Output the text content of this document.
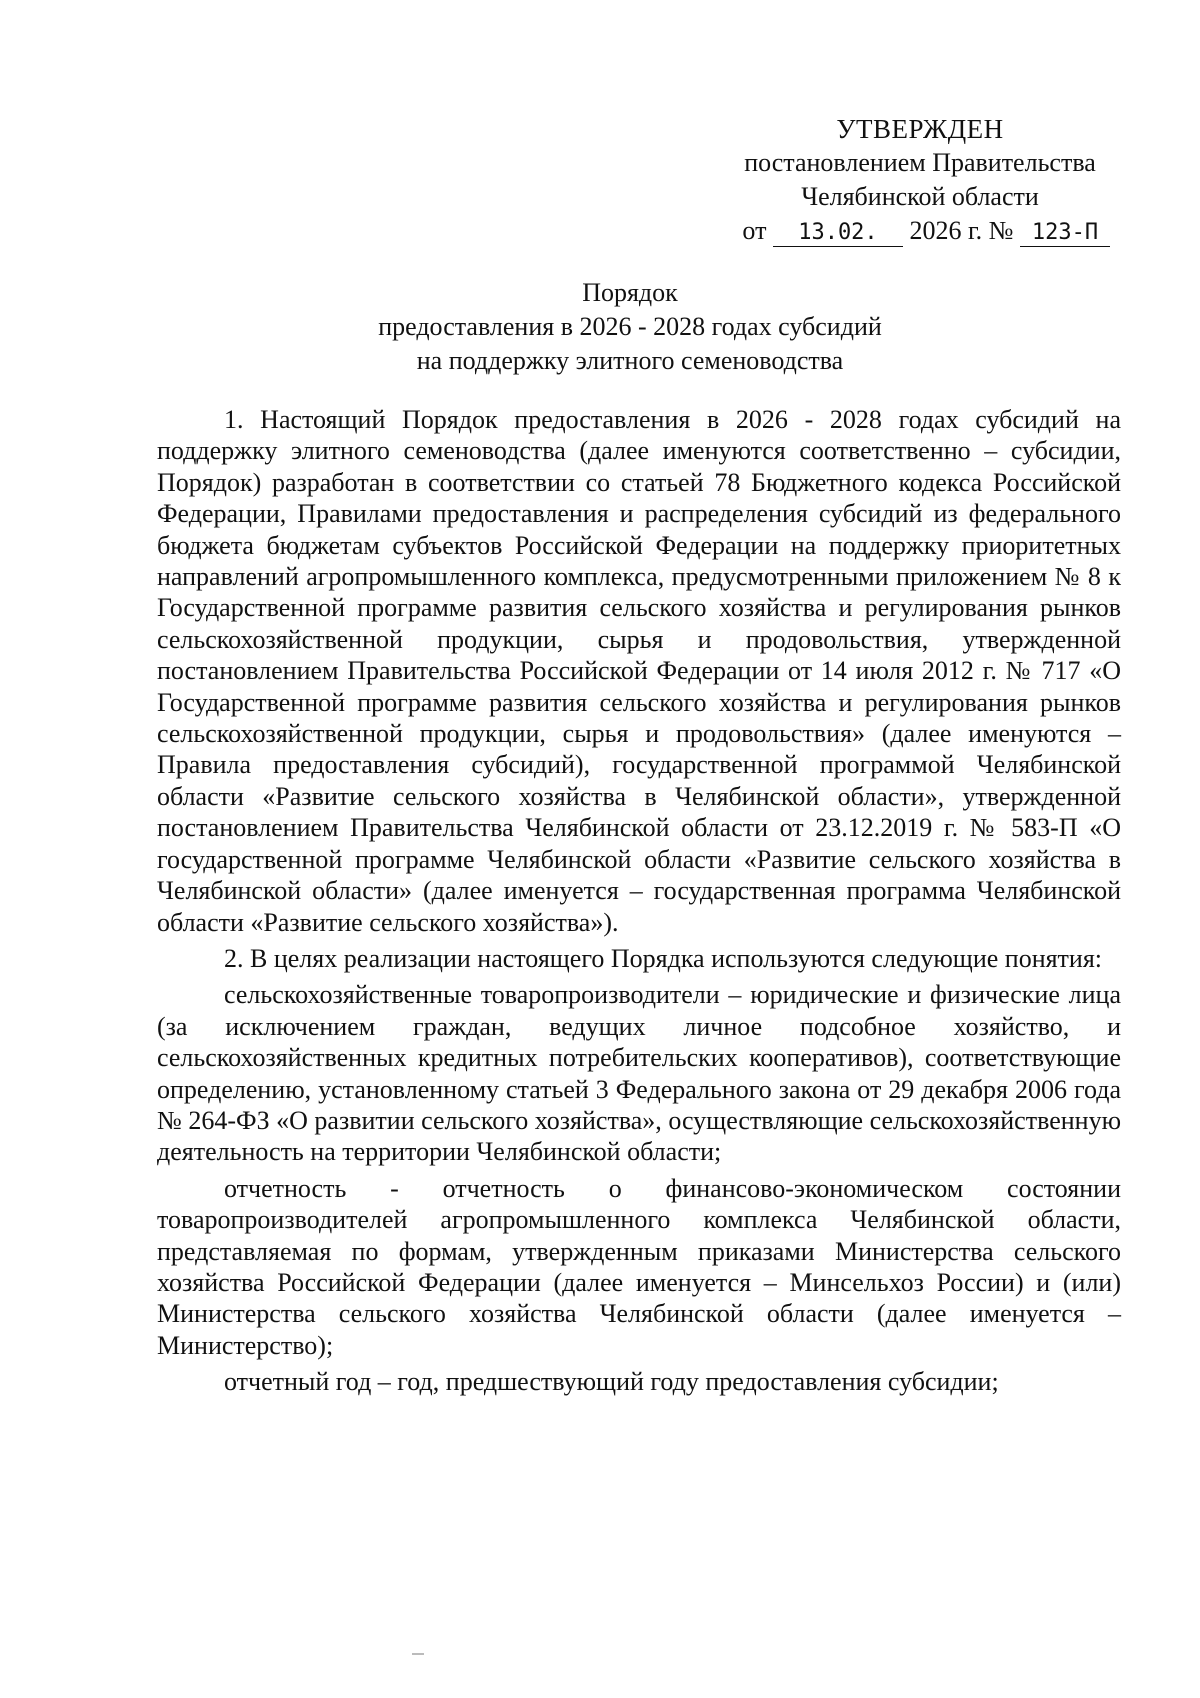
УТВЕРЖДЕН
постановлением Правительства
Челябинской области
от 13.02. 2026 г. № 123-П
Порядок
предоставления в 2026 - 2028 годах субсидий
на поддержку элитного семеноводства

1. Настоящий Порядок предоставления в 2026 - 2028 годах субсидий на поддержку элитного семеноводства (далее именуются соответственно – субсидии, Порядок) разработан в соответствии со статьей 78 Бюджетного кодекса Российской Федерации, Правилами предоставления и распределения субсидий из федерального бюджета бюджетам субъектов Российской Федерации на поддержку приоритетных направлений агропромышленного комплекса, предусмотренными приложением № 8 к Государственной программе развития сельского хозяйства и регулирования рынков сельскохозяйственной продукции, сырья и продовольствия, утвержденной постановлением Правительства Российской Федерации от 14 июля 2012 г. № 717 «О Государственной программе развития сельского хозяйства и регулирования рынков сельскохозяйственной продукции, сырья и продовольствия» (далее именуются – Правила предоставления субсидий), государственной программой Челябинской области «Развитие сельского хозяйства в Челябинской области», утвержденной постановлением Правительства Челябинской области от 23.12.2019 г. № 583-П «О государственной программе Челябинской области «Развитие сельского хозяйства в Челябинской области» (далее именуется – государственная программа Челябинской области «Развитие сельского хозяйства»).

2. В целях реализации настоящего Порядка используются следующие понятия:

сельскохозяйственные товаропроизводители – юридические и физические лица (за исключением граждан, ведущих личное подсобное хозяйство, и сельскохозяйственных кредитных потребительских кооперативов), соответствующие определению, установленному статьей 3 Федерального закона от 29 декабря 2006 года № 264-ФЗ «О развитии сельского хозяйства», осуществляющие сельскохозяйственную деятельность на территории Челябинской области;

отчетность - отчетность о финансово-экономическом состоянии товаропроизводителей агропромышленного комплекса Челябинской области, представляемая по формам, утвержденным приказами Министерства сельского хозяйства Российской Федерации (далее именуется – Минсельхоз России) и (или) Министерства сельского хозяйства Челябинской области (далее именуется – Министерство);

отчетный год – год, предшествующий году предоставления субсидии;
